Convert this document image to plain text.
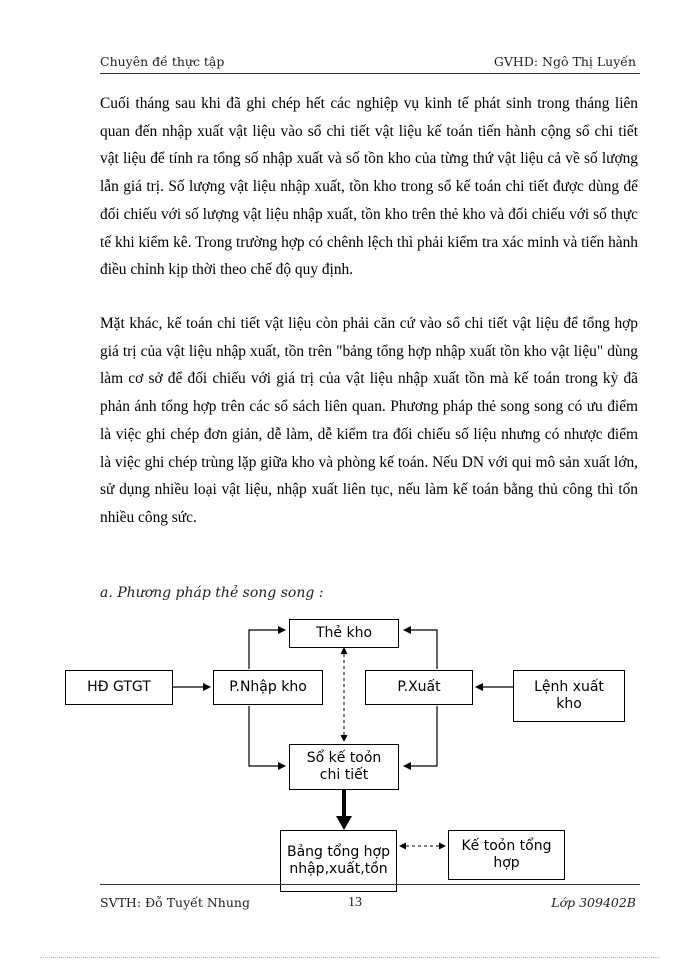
Chuyên đề thực tập	GVHD: Ngô Thị Luyến

Cuối tháng sau khi đã ghi chép hết các nghiệp vụ kinh tế phát sinh trong tháng liên quan đến nhập xuất vật liệu vào sổ chi tiết vật liệu kế toán tiến hành cộng sổ chi tiết vật liệu để tính ra tổng số nhập xuất và số tồn kho của từng thứ vật liệu cả về số lượng lẫn giá trị. Số lượng vật liệu nhập xuất, tồn kho trong sổ kế toán chi tiết được dùng để đối chiếu với số lượng vật liệu nhập xuất, tồn kho trên thẻ kho và đối chiếu với số thực tế khi kiểm kê. Trong trường hợp có chênh lệch thì phải kiểm tra xác minh và tiến hành điều chỉnh kịp thời theo chế độ quy định.

Mặt khác, kế toán chi tiết vật liệu còn phải căn cứ vào sổ chi tiết vật liệu để tổng hợp giá trị của vật liệu nhập xuất, tồn trên "bảng tổng hợp nhập xuất tồn kho vật liệu" dùng làm cơ sở để đối chiếu với giá trị của vật liệu nhập xuất tồn mà kế toán trong kỳ đã phản ánh tổng hợp trên các sổ sách liên quan. Phương pháp thẻ song song có ưu điểm là việc ghi chép đơn giản, dễ làm, dễ kiểm tra đối chiếu số liệu nhưng có nhược điểm là việc ghi chép trùng lặp giữa kho và phòng kế toán. Nếu DN với qui mô sản xuất lớn, sử dụng nhiều loại vật liệu, nhập xuất liên tục, nếu làm kế toán bằng thủ công thì tốn nhiều công sức.

a. Phương pháp thẻ song song :
Thẻ kho
HĐ GTGT	P.Nhập kho	P.Xuất	Lệnh xuất kho
Sổ kế toỏn chi tiết
Bảng tổng hợp nhập,xuất,tồn
Kế toỏn tổng hợp
SVTH: Đỗ Tuyết Nhung	13	Lớp 309402B
